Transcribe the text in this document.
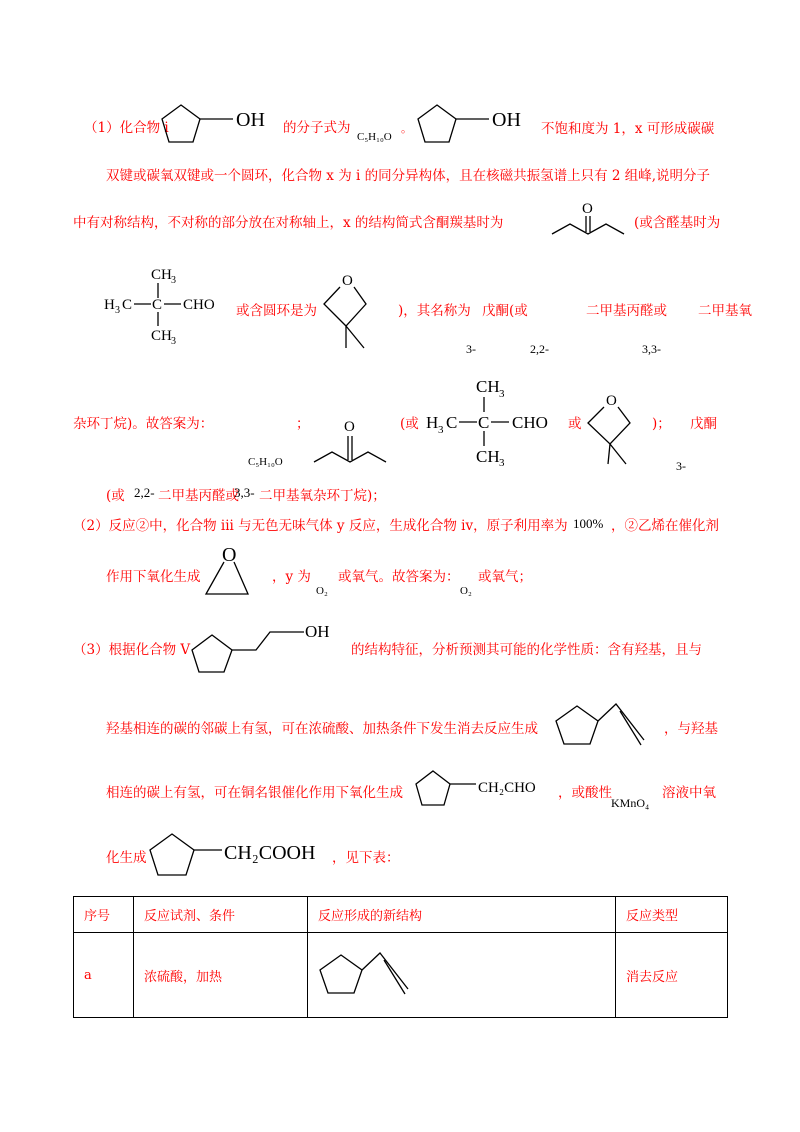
（1）化合物 i	OH 的分子式为
C₅H₁₀O
。	OH 不饱和度为 1，x 可形成碳碳
双键或碳氧双键或一个圆环，化合物 x 为 i 的同分异构体，且在核磁共振氢谱上只有 2 组峰,说明分子
中有对称结构，不对称的部分放在对称轴上，x 的结构简式含酮羰基时为
O
(或含醛基时为
CH 3
H 3 C C CHO
CH 3
或含圆环是为
O
)，其名称为 戊酮(或	二甲基丙醛或 二甲基氧
3-	2,2-	3,3-
杂环丁烷)。故答案为：	；
C₅H₁₀O
O	(或
CH 3
H 3 C C CHO
CH 3
或
O
)； 戊酮
3-
(或 2,2- 二甲基丙醛或
3,3- 二甲基氧杂环丁烷)；
（2）反应②中，化合物 iii 与无色无味气体 y 反应，生成化合物 iv，原子利用率为 100% ，②乙烯在催化剂
作用下氧化生成
O
，y 为
O₂
或氧气。故答案为：
O₂
或氧气；
（3）根据化合物 V
OH
的结构特征，分析预测其可能的化学性质：含有羟基，且与
羟基相连的碳的邻碳上有氢，可在浓硫酸、加热条件下发生消去反应生成	，与羟基
相连的碳上有氢，可在铜名银催化作用下氧化生成	CH₂CHO ，或酸性
KMnO₄
溶液中氧
化生成	CH₂COOH ，见下表：
序号	反应试剂、条件	反应形成的新结构	反应类型
a	浓硫酸，加热		消去反应
